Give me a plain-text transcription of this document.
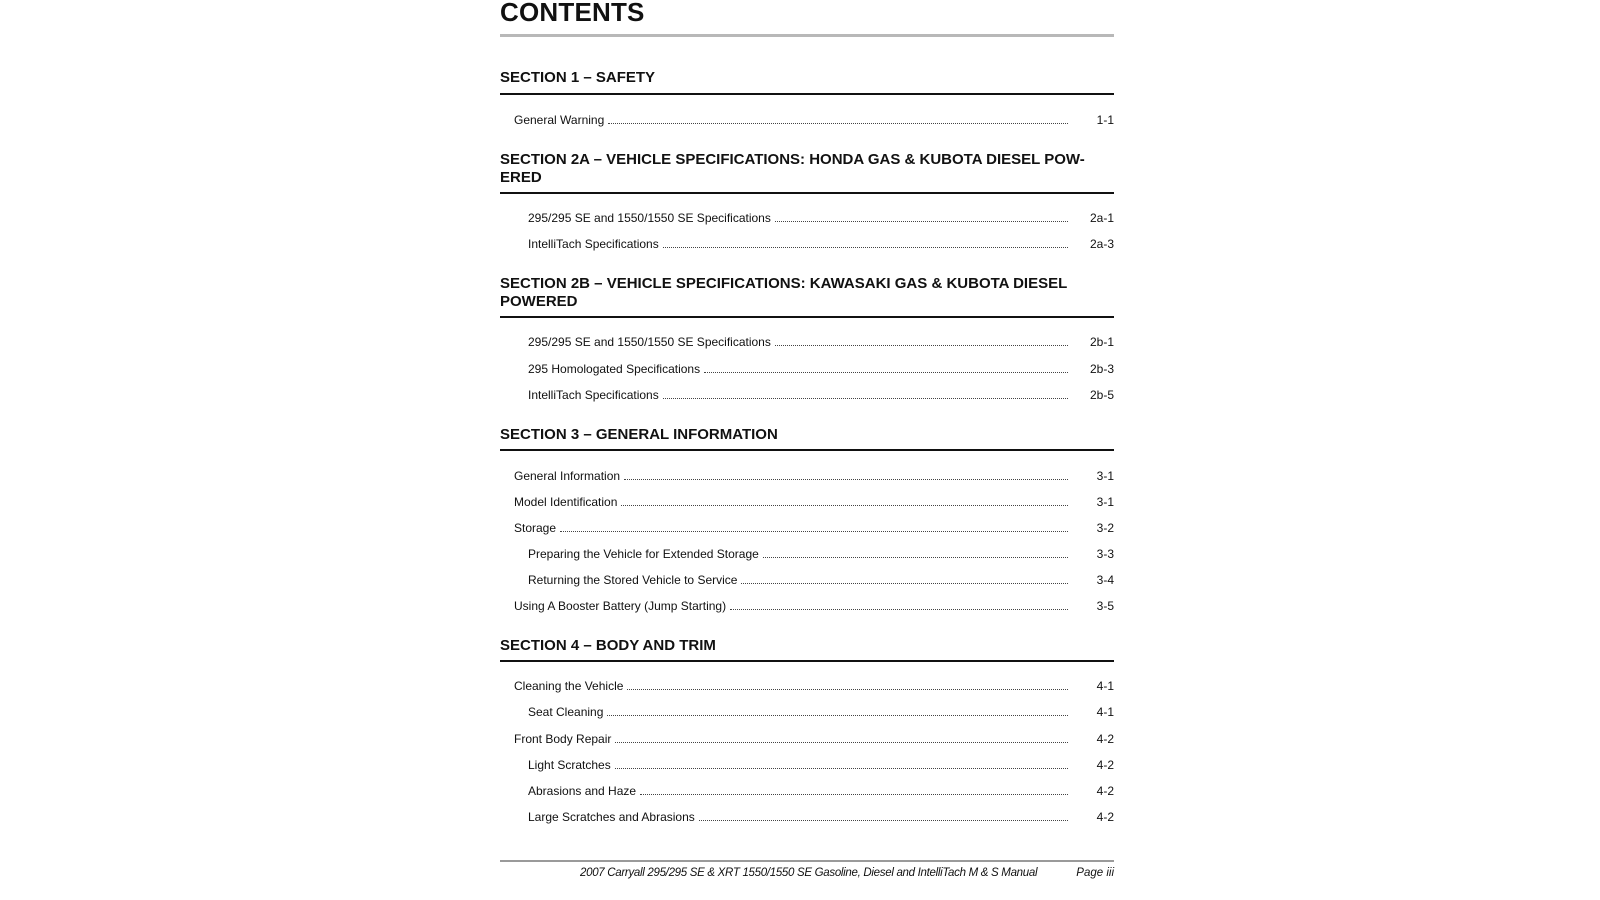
CONTENTS
SECTION 1 – SAFETY
General Warning	1-1
SECTION 2A – VEHICLE SPECIFICATIONS: HONDA GAS & KUBOTA DIESEL POW-
ERED
295/295 SE and 1550/1550 SE Specifications	2a-1
IntelliTach Specifications	2a-3
SECTION 2B – VEHICLE SPECIFICATIONS: KAWASAKI GAS & KUBOTA DIESEL
POWERED
295/295 SE and 1550/1550 SE Specifications	2b-1
295 Homologated Specifications	2b-3
IntelliTach Specifications	2b-5
SECTION 3 – GENERAL INFORMATION
General Information	3-1
Model Identification	3-1
Storage	3-2
Preparing the Vehicle for Extended Storage	3-3
Returning the Stored Vehicle to Service	3-4
Using A Booster Battery (Jump Starting)	3-5
SECTION 4 – BODY AND TRIM
Cleaning the Vehicle	4-1
Seat Cleaning	4-1
Front Body Repair	4-2
Light Scratches	4-2
Abrasions and Haze	4-2
Large Scratches and Abrasions	4-2
2007 Carryall 295/295 SE & XRT 1550/1550 SE Gasoline, Diesel and IntelliTach M & S Manual	Page iii
